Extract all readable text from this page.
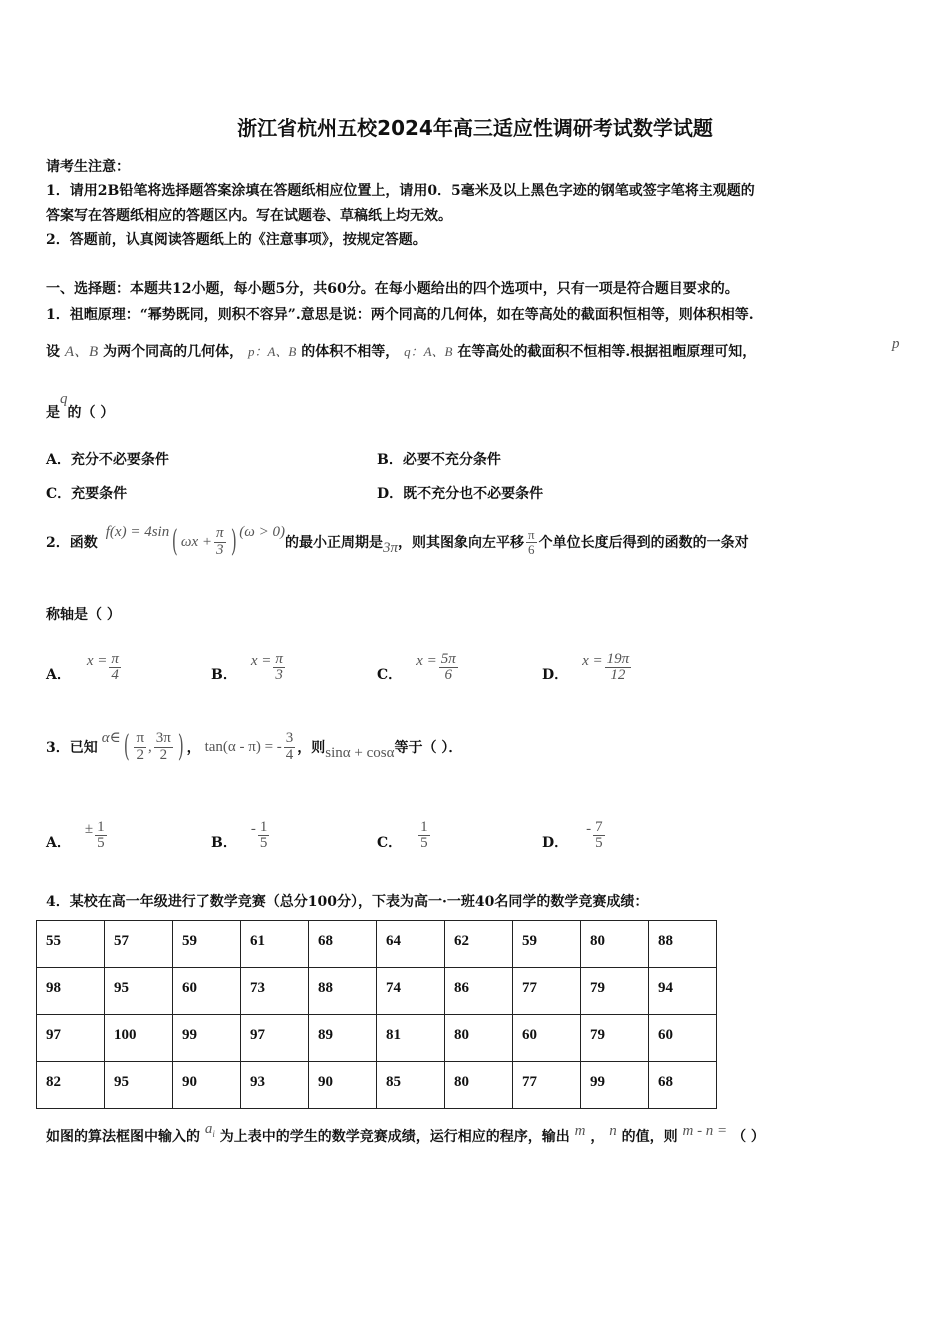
浙江省杭州五校2024年高三适应性调研考试数学试题
请考生注意：
1．请用2B铅笔将选择题答案涂填在答题纸相应位置上，请用0．5毫米及以上黑色字迹的钢笔或签字笔将主观题的
答案写在答题纸相应的答题区内。写在试题卷、草稿纸上均无效。
2．答题前，认真阅读答题纸上的《注意事项》，按规定答题。
一、选择题：本题共12小题，每小题5分，共60分。在每小题给出的四个选项中，只有一项是符合题目要求的。
1．祖暅原理：“幂势既同，则积不容异”.意思是说：两个同高的几何体，如在等高处的截面积恒相等，则体积相等.
设 A、B 为两个同高的几何体， p：A、B 的体积不相等， q：A、B 在等高处的截面积不恒相等.根据祖暅原理可知，	p
是q的（ ）
A．充分不必要条件	B．必要不充分条件
C．充要条件	D．既不充分也不必要条件
2．函数
f(x) = 4sin ( $\omega x + \frac{\pi}{3}$ ) (ω > 0)
的最小正周期是 3π ，则其图象向左平移 $\frac{\pi}{6}$ 个单位长度后得到的函数的一条对
称轴是（ ）
A．
$x = \frac{\pi}{4}$	B．
$x = \frac{\pi}{3}$	C．
$x = \frac{5\pi}{6}$	D．
$x = \frac{19\pi}{12}$
3．已知
α∈ ( $\frac{\pi}{2}$ , $\frac{3\pi}{2}$ ) ， tan(α - π) = - $\frac{3}{4}$ ，则 sinα + cosα 等于（ ）．
A．
± $\frac{1}{5}$	B．
- $\frac{1}{5}$	C． $\frac{1}{5}$	D．
- $\frac{7}{5}$
4．某校在高一年级进行了数学竞赛（总分100分），下表为高一·一班40名同学的数学竞赛成绩：
55	57	59	61	68	64	62	59	80	88
98	95	60	73	88	74	86	77	79	94
97	100	99	97	89	81	80	60	79	60
82	95	90	93	90	85	80	77	99	68
如图的算法框图中输入的 $a_i$ 为上表中的学生的数学竞赛成绩，运行相应的程序，输出 m ， n 的值，则 m - n = （ ）
